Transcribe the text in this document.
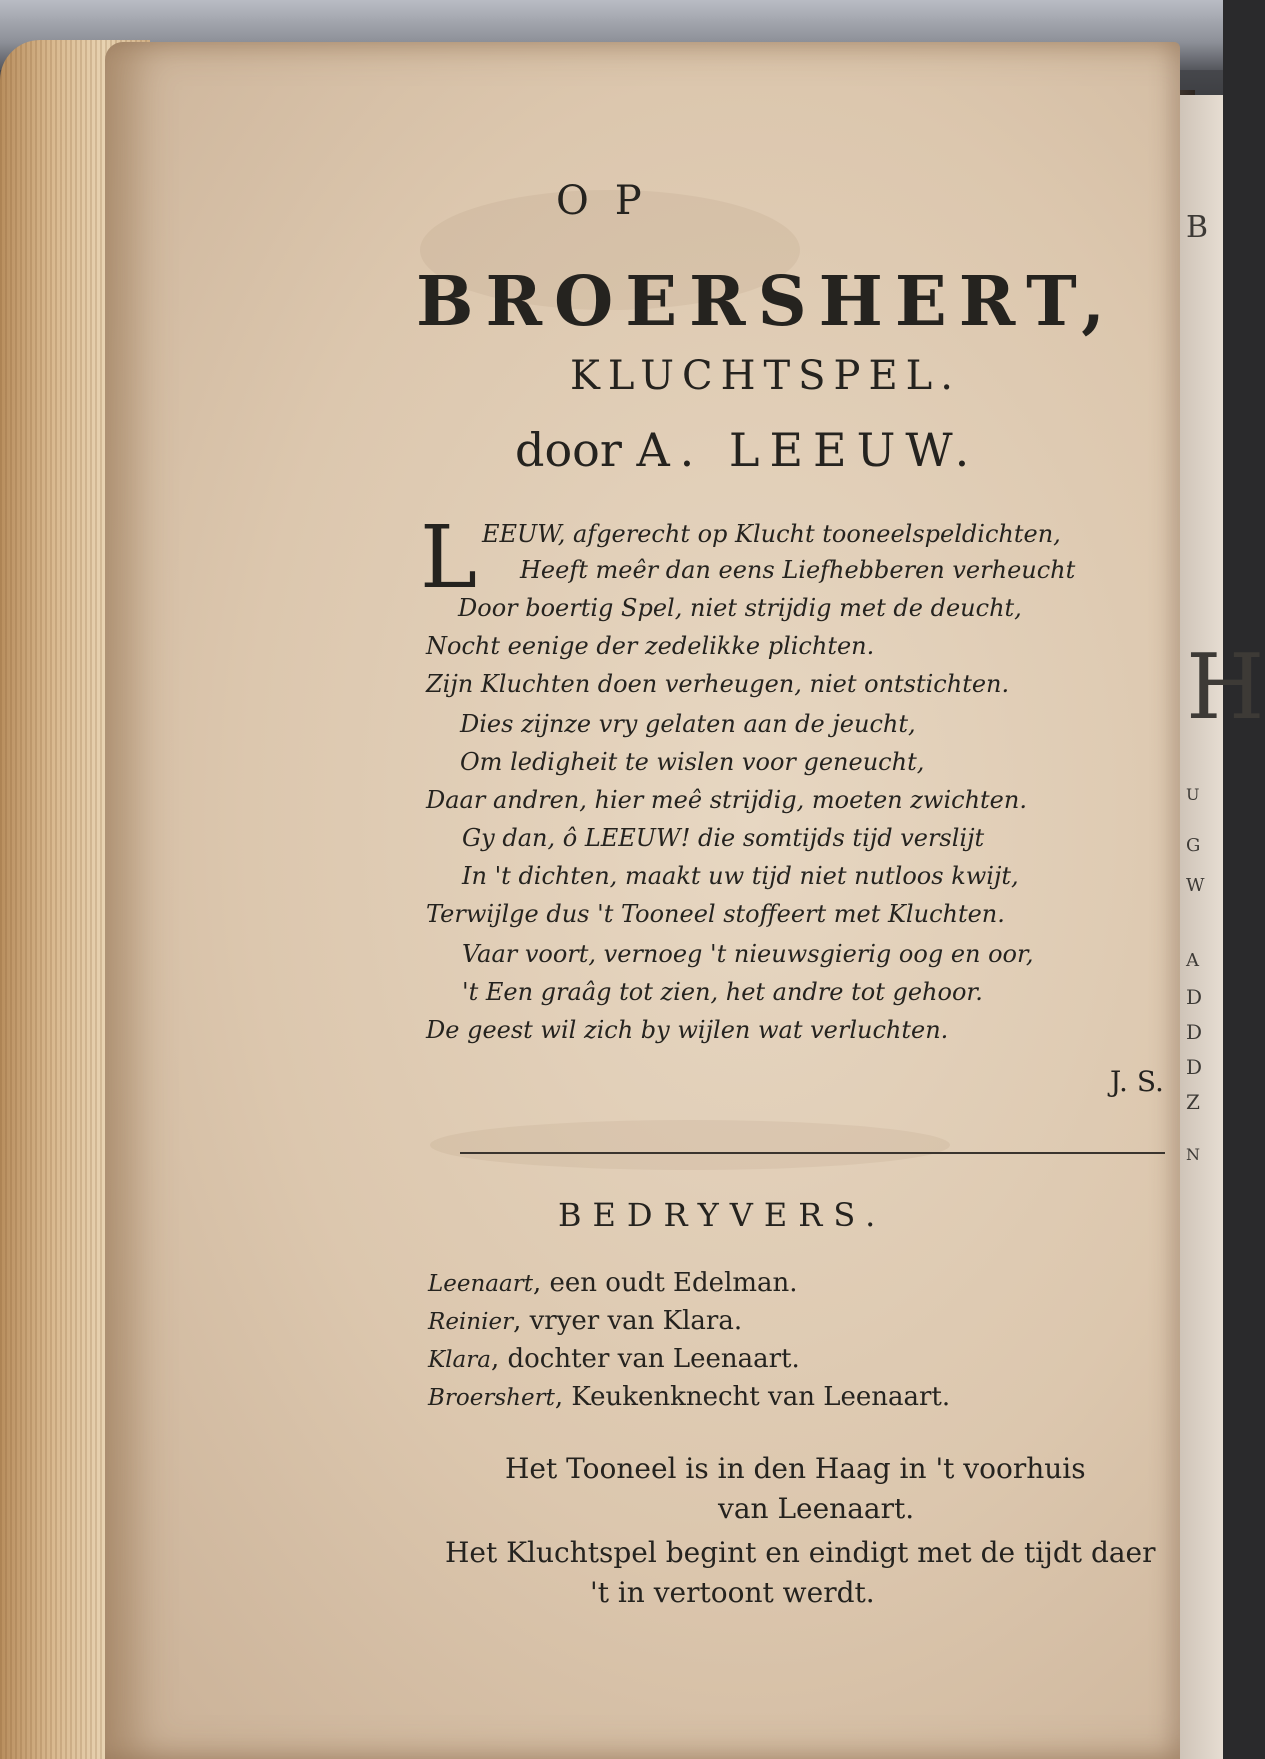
B
H
U
G
W
A
D
D
D
Z
N
OP
BROERSHERT,
KLUCHTSPEL.
door A. LEEUW.
L EEUW, afgerecht op Klucht tooneelspeldichten,
Heeft meêr dan eens Liefhebberen verheucht
Door boertig Spel, niet strijdig met de deucht,
Nocht eenige der zedelikke plichten.
Zijn Kluchten doen verheugen, niet ontstichten.
Dies zijnze vry gelaten aan de jeucht,
Om ledigheit te wislen voor geneucht,
Daar andren, hier meê strijdig, moeten zwichten.
Gy dan, ô LEEUW! die somtijds tijd verslijt
In 't dichten, maakt uw tijd niet nutloos kwijt,
Terwijlge dus 't Tooneel stoffeert met Kluchten.
Vaar voort, vernoeg 't nieuwsgierig oog en oor,
't Een graâg tot zien, het andre tot gehoor.
De geest wil zich by wijlen wat verluchten.
J. S.
BEDRYVERS.
Leenaart, een oudt Edelman.
Reinier, vryer van Klara.
Klara, dochter van Leenaart.
Broershert, Keukenknecht van Leenaart.
Het Tooneel is in den Haag in 't voorhuis
van Leenaart.
Het Kluchtspel begint en eindigt met de tijdt daer
't in vertoont werdt.
